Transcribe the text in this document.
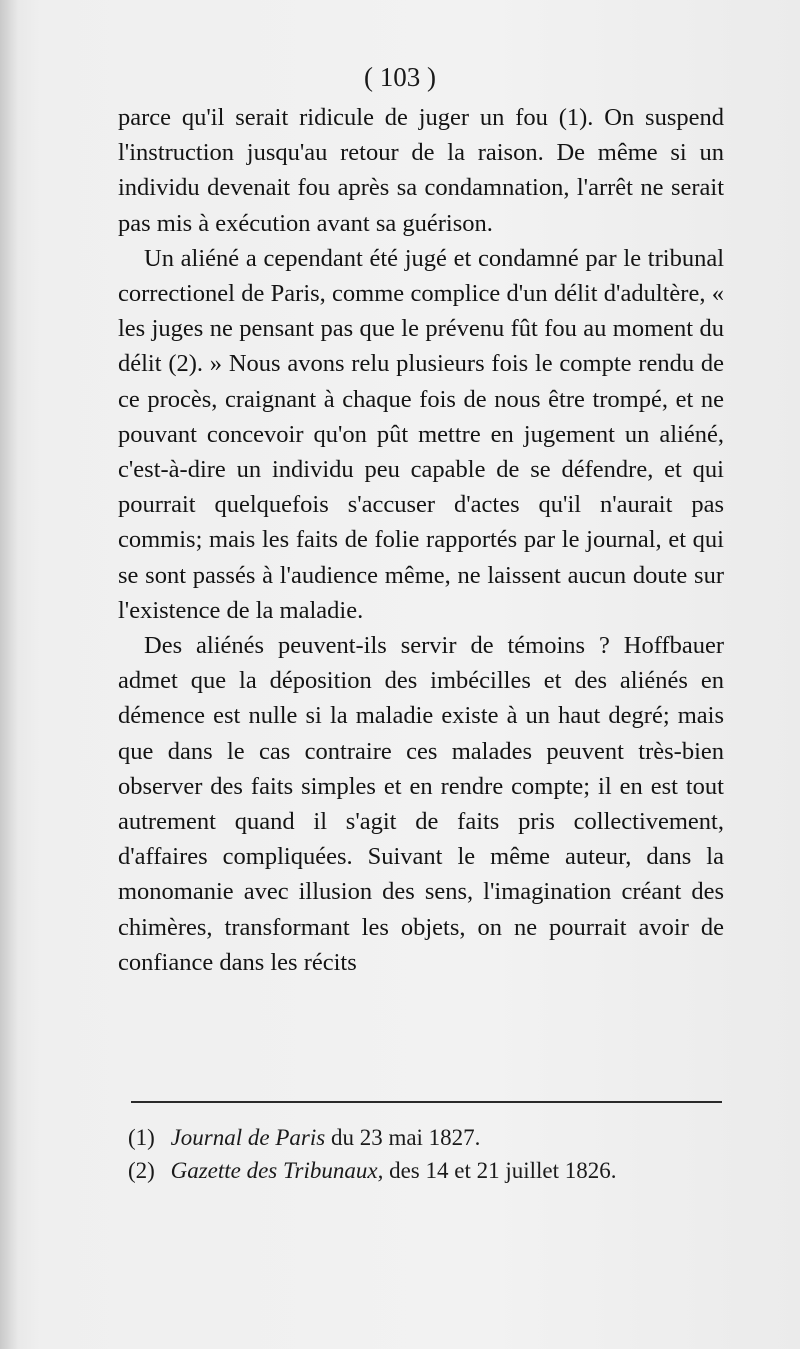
( 103 )

parce qu'il serait ridicule de juger un fou (1). On suspend l'instruction jusqu'au retour de la raison. De même si un individu devenait fou après sa condamnation, l'arrêt ne serait pas mis à exécution avant sa guérison.

Un aliéné a cependant été jugé et condamné par le tribunal correctionel de Paris, comme complice d'un délit d'adultère, « les juges ne pensant pas que le prévenu fût fou au moment du délit (2). » Nous avons relu plusieurs fois le compte rendu de ce procès, craignant à chaque fois de nous être trompé, et ne pouvant concevoir qu'on pût mettre en jugement un aliéné, c'est-à-dire un individu peu capable de se défendre, et qui pourrait quelquefois s'accuser d'actes qu'il n'aurait pas commis; mais les faits de folie rapportés par le journal, et qui se sont passés à l'audience même, ne laissent aucun doute sur l'existence de la maladie.

Des aliénés peuvent-ils servir de témoins ? Hoffbauer admet que la déposition des imbécilles et des aliénés en démence est nulle si la maladie existe à un haut degré; mais que dans le cas contraire ces malades peuvent très-bien observer des faits simples et en rendre compte; il en est tout autrement quand il s'agit de faits pris collectivement, d'affaires compliquées. Suivant le même auteur, dans la monomanie avec illusion des sens, l'imagination créant des chimères, transformant les objets, on ne pourrait avoir de confiance dans les récits

(1) Journal de Paris du 23 mai 1827.
(2) Gazette des Tribunaux, des 14 et 21 juillet 1826.
